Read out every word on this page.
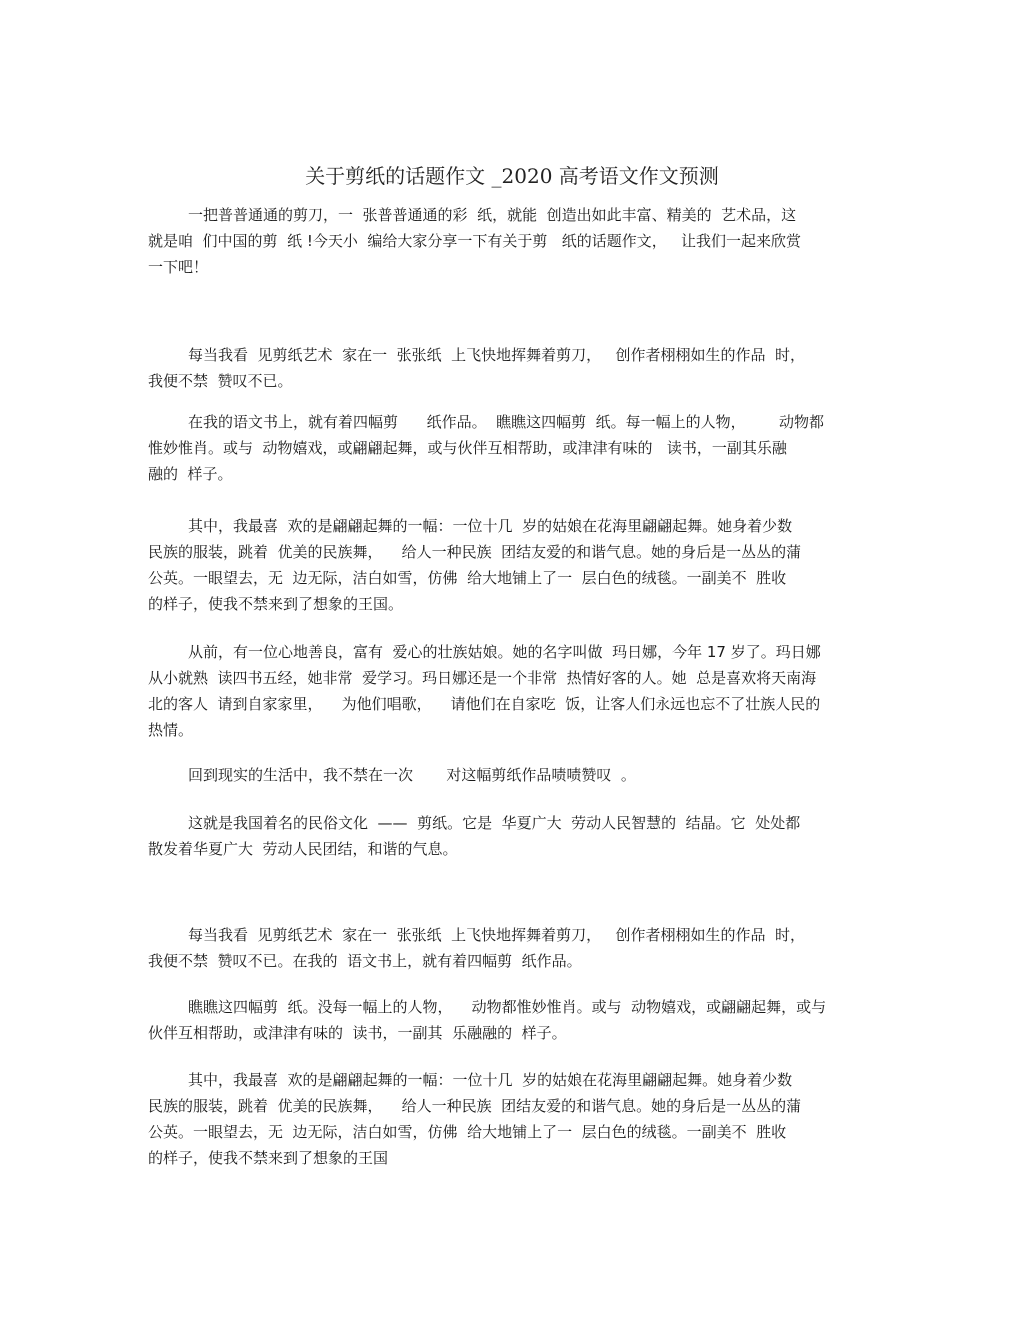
关于剪纸的话题作文 _2020 高考语文作文预测
一把普普通通的剪刀，一  张普普通通的彩  纸，就能  创造出如此丰富、精美的  艺术品，这
就是咱  们中国的剪  纸 !今天小  编给大家分享一下有关于剪   纸的话题作文，   让我们一起来欣赏
一下吧！
每当我看  见剪纸艺术  家在一  张张纸  上飞快地挥舞着剪刀，   创作者栩栩如生的作品  时，
我便不禁  赞叹不已。
在我的语文书上，就有着四幅剪      纸作品。  瞧瞧这四幅剪  纸。每一幅上的人物，       动物都
惟妙惟肖。或与  动物嬉戏，或翩翩起舞，或与伙伴互相帮助，或津津有味的   读书，一副其乐融
融的  样子。
其中，我最喜  欢的是翩翩起舞的一幅：一位十几  岁的姑娘在花海里翩翩起舞。她身着少数
民族的服装，跳着  优美的民族舞，    给人一种民族  团结友爱的和谐气息。她的身后是一丛丛的蒲
公英。一眼望去，无  边无际，洁白如雪，仿佛  给大地铺上了一  层白色的绒毯。一副美不  胜收
的样子，使我不禁来到了想象的王国。
从前，有一位心地善良，富有  爱心的壮族姑娘。她的名字叫做  玛日娜，今年 17 岁了。玛日娜
从小就熟  读四书五经，她非常  爱学习。玛日娜还是一个非常  热情好客的人。她  总是喜欢将天南海
北的客人  请到自家家里，    为他们唱歌，    请他们在自家吃  饭，让客人们永远也忘不了壮族人民的
热情。
回到现实的生活中，我不禁在一次       对这幅剪纸作品啧啧赞叹  。
这就是我国着名的民俗文化  ——  剪纸。它是  华夏广大  劳动人民智慧的  结晶。它  处处都
散发着华夏广大  劳动人民团结，和谐的气息。
每当我看  见剪纸艺术  家在一  张张纸  上飞快地挥舞着剪刀，   创作者栩栩如生的作品  时，
我便不禁  赞叹不已。在我的  语文书上，就有着四幅剪  纸作品。
瞧瞧这四幅剪  纸。没每一幅上的人物，    动物都惟妙惟肖。或与  动物嬉戏，或翩翩起舞，或与
伙伴互相帮助，或津津有味的  读书，一副其  乐融融的  样子。
其中，我最喜  欢的是翩翩起舞的一幅：一位十几  岁的姑娘在花海里翩翩起舞。她身着少数
民族的服装，跳着  优美的民族舞，    给人一种民族  团结友爱的和谐气息。她的身后是一丛丛的蒲
公英。一眼望去，无  边无际，洁白如雪，仿佛  给大地铺上了一  层白色的绒毯。一副美不  胜收
的样子，使我不禁来到了想象的王国
